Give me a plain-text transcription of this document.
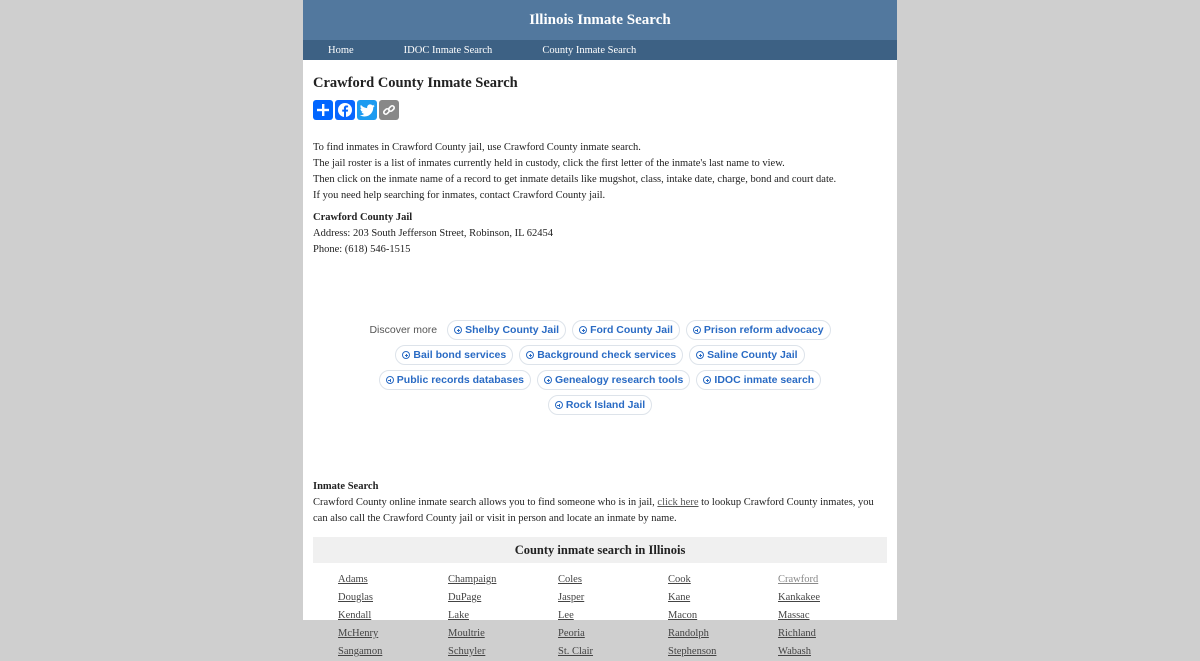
Illinois Inmate Search
Home	IDOC Inmate Search	County Inmate Search
Crawford County Inmate Search

To find inmates in Crawford County jail, use Crawford County inmate search.

The jail roster is a list of inmates currently held in custody, click the first letter of the inmate's last name to view.

Then click on the inmate name of a record to get inmate details like mugshot, class, intake date, charge, bond and court date.

If you need help searching for inmates, contact Crawford County jail.

Crawford County Jail

Address: 203 South Jefferson Street, Robinson, IL 62454

Phone: (618) 546-1515

Discover more	Shelby County Jail	Ford County Jail	Prison reform advocacy
Bail bond services	Background check services	Saline County Jail
Public records databases	Genealogy research tools	IDOC inmate search
Rock Island Jail

Inmate Search

Crawford County online inmate search allows you to find someone who is in jail, click here to lookup Crawford County inmates, you can also call the Crawford County jail or visit in person and locate an inmate by name.

County inmate search in Illinois
Adams	Champaign	Coles	Cook	Crawford
Douglas	DuPage	Jasper	Kane	Kankakee
Kendall	Lake	Lee	Macon	Massac
McHenry	Moultrie	Peoria	Randolph	Richland
Sangamon	Schuyler	St. Clair	Stephenson	Wabash
